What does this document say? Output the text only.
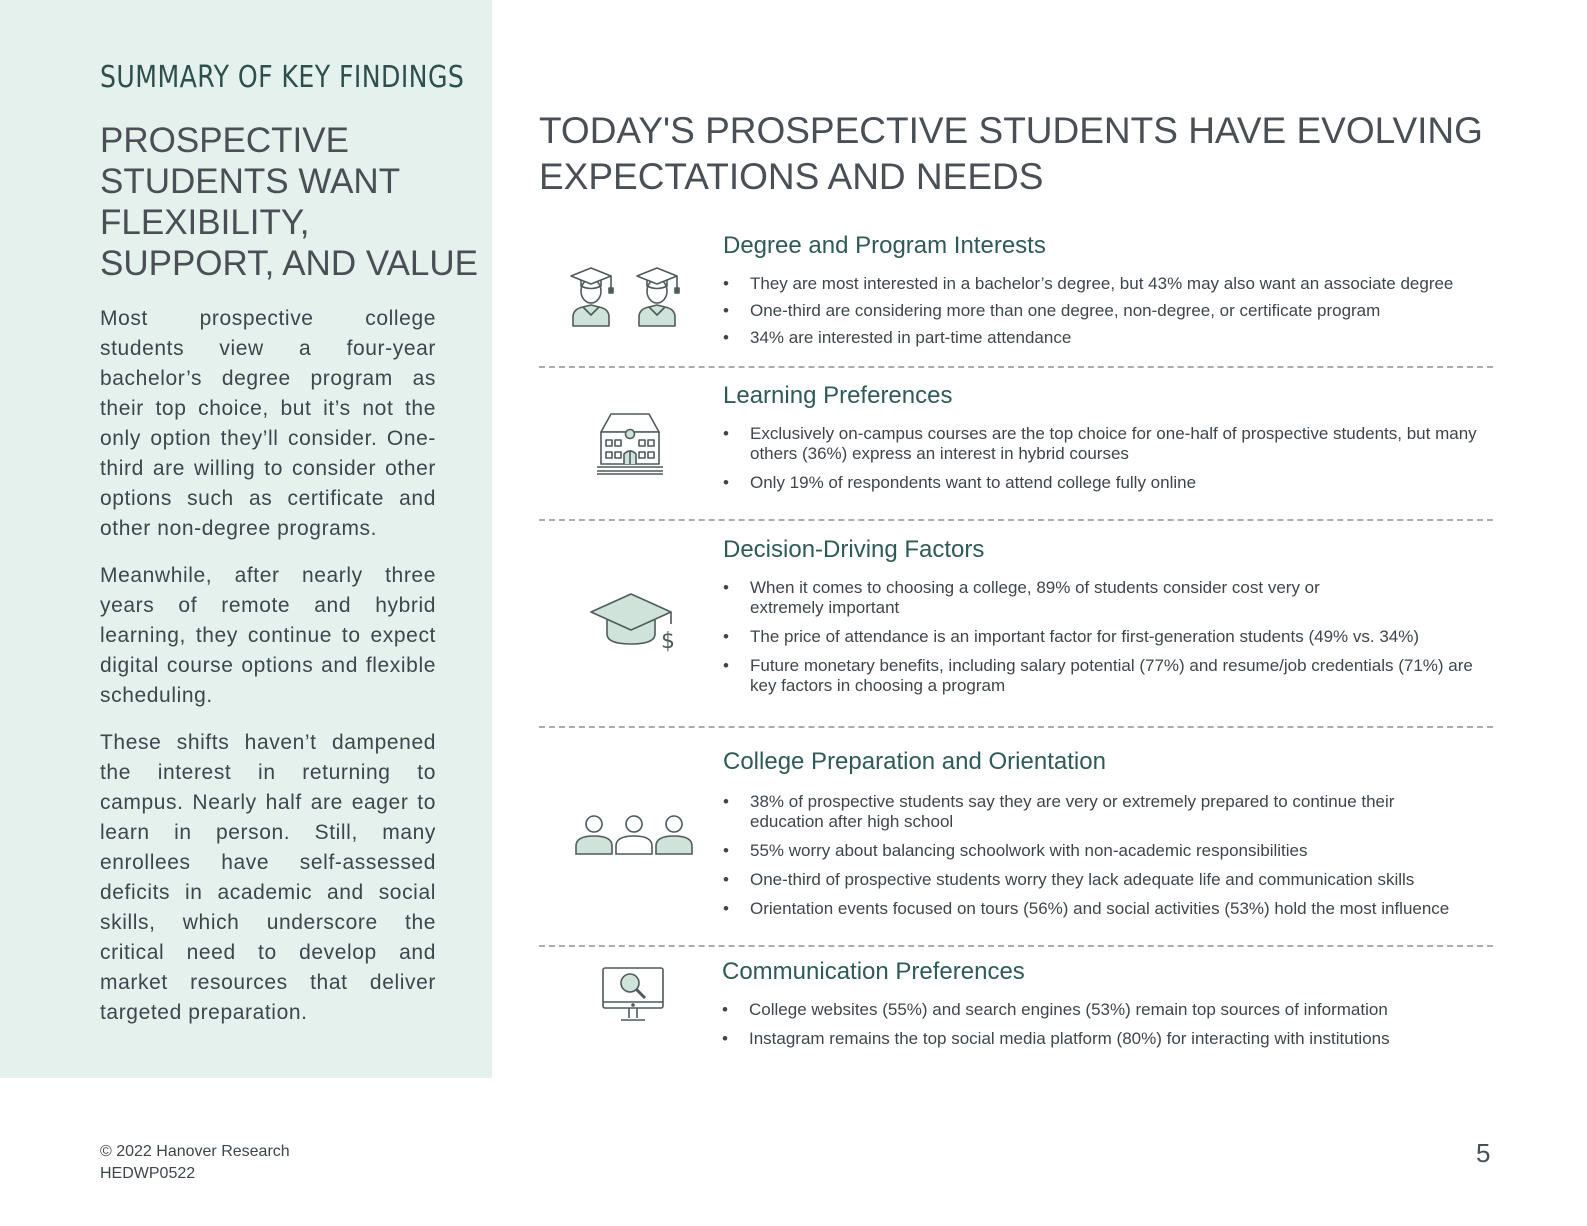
SUMMARY OF KEY FINDINGS
PROSPECTIVE STUDENTS WANT FLEXIBILITY, SUPPORT, AND VALUE

Most prospective college students view a four-year bachelor’s degree program as their top choice, but it’s not the only option they’ll consider. One-third are willing to consider other options such as certificate and other non-degree programs.

Meanwhile, after nearly three years of remote and hybrid learning, they continue to expect digital course options and flexible scheduling.

These shifts haven’t dampened the interest in returning to campus. Nearly half are eager to learn in person. Still, many enrollees have self-assessed deficits in academic and social skills, which underscore the critical need to develop and market resources that deliver targeted preparation.

TODAY'S PROSPECTIVE STUDENTS HAVE EVOLVING EXPECTATIONS AND NEEDS
Degree and Program Interests
• They are most interested in a bachelor’s degree, but 43% may also want an associate degree
• One-third are considering more than one degree, non-degree, or certificate program
• 34% are interested in part-time attendance
Learning Preferences
• Exclusively on-campus courses are the top choice for one-half of prospective students, but many others (36%) express an interest in hybrid courses
• Only 19% of respondents want to attend college fully online
$
Decision-Driving Factors
• When it comes to choosing a college, 89% of students consider cost very or extremely important
• The price of attendance is an important factor for first-generation students (49% vs. 34%)
• Future monetary benefits, including salary potential (77%) and resume/job credentials (71%) are key factors in choosing a program
College Preparation and Orientation
• 38% of prospective students say they are very or extremely prepared to continue their education after high school
• 55% worry about balancing schoolwork with non-academic responsibilities
• One-third of prospective students worry they lack adequate life and communication skills
• Orientation events focused on tours (56%) and social activities (53%) hold the most influence
Communication Preferences
• College websites (55%) and search engines (53%) remain top sources of information
• Instagram remains the top social media platform (80%) for interacting with institutions
© 2022 Hanover Research
HEDWP0522
5
